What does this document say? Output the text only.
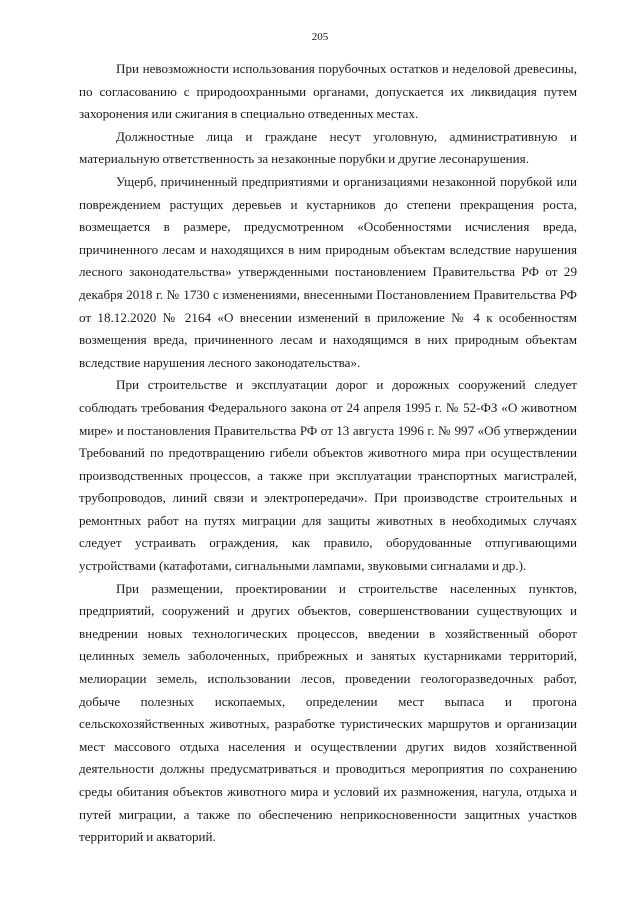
205

При невозможности использования порубочных остатков и неделовой древесины, по согласованию с природоохранными органами, допускается их ликвидация путем захоронения или сжигания в специально отведенных местах.

Должностные лица и граждане несут уголовную, административную и материальную ответственность за незаконные порубки и другие лесонарушения.

Ущерб, причиненный предприятиями и организациями незаконной порубкой или повреждением растущих деревьев и кустарников до степени прекращения роста, возмещается в размере, предусмотренном «Особенностями исчисления вреда, причиненного лесам и находящихся в ним природным объектам вследствие нарушения лесного законодательства» утвержденными постановлением Правительства РФ от 29 декабря 2018 г. № 1730 с изменениями, внесенными Постановлением Правительства РФ от 18.12.2020 № 2164 «О внесении изменений в приложение № 4 к особенностям возмещения вреда, причиненного лесам и находящимся в них природным объектам вследствие нарушения лесного законодательства».

При строительстве и эксплуатации дорог и дорожных сооружений следует соблюдать требования Федерального закона от 24 апреля 1995 г. № 52-ФЗ «О животном мире» и постановления Правительства РФ от 13 августа 1996 г. № 997 «Об утверждении Требований по предотвращению гибели объектов животного мира при осуществлении производственных процессов, а также при эксплуатации транспортных магистралей, трубопроводов, линий связи и электропередачи». При производстве строительных и ремонтных работ на путях миграции для защиты животных в необходимых случаях следует устраивать ограждения, как правило, оборудованные отпугивающими устройствами (катафотами, сигнальными лампами, звуковыми сигналами и др.).

При размещении, проектировании и строительстве населенных пунктов, предприятий, сооружений и других объектов, совершенствовании существующих и внедрении новых технологических процессов, введении в хозяйственный оборот целинных земель заболоченных, прибрежных и занятых кустарниками территорий, мелиорации земель, использовании лесов, проведении геологоразведочных работ, добыче полезных ископаемых, определении мест выпаса и прогона сельскохозяйственных животных, разработке туристических маршрутов и организации мест массового отдыха населения и осуществлении других видов хозяйственной деятельности должны предусматриваться и проводиться мероприятия по сохранению среды обитания объектов животного мира и условий их размножения, нагула, отдыха и путей миграции, а также по обеспечению неприкосновенности защитных участков территорий и акваторий.
